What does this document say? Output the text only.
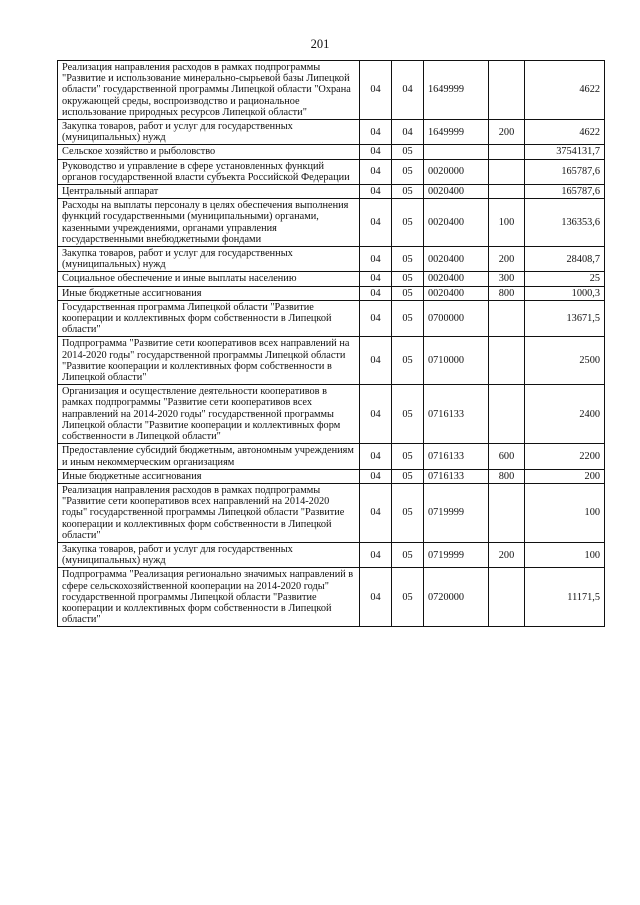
201
Реализация направления расходов в рамках подпрограммы "Развитие и использование минерально-сырьевой базы Липецкой области" государственной программы Липецкой области "Охрана окружающей среды, воспроизводство и рациональное использование природных ресурсов Липецкой области"	04	04	1649999		4622
Закупка товаров, работ и услуг для государственных (муниципальных) нужд	04	04	1649999	200	4622
Сельское хозяйство и рыболовство	04	05			3754131,7
Руководство и управление в сфере установленных функций органов государственной власти субъекта Российской Федерации	04	05	0020000		165787,6
Центральный аппарат	04	05	0020400		165787,6
Расходы на выплаты персоналу в целях обеспечения выполнения функций государственными (муниципальными) органами, казенными учреждениями, органами управления государственными внебюджетными фондами	04	05	0020400	100	136353,6
Закупка товаров, работ и услуг для государственных (муниципальных) нужд	04	05	0020400	200	28408,7
Социальное обеспечение и иные выплаты населению	04	05	0020400	300	25
Иные бюджетные ассигнования	04	05	0020400	800	1000,3
Государственная программа Липецкой области "Развитие кооперации и коллективных форм собственности в Липецкой области"	04	05	0700000		13671,5
Подпрограмма "Развитие сети кооперативов всех направлений на 2014-2020 годы" государственной программы Липецкой области "Развитие кооперации и коллективных форм собственности в Липецкой области"	04	05	0710000		2500
Организация и осуществление деятельности кооперативов в рамках подпрограммы "Развитие сети кооперативов всех направлений на 2014-2020 годы" государственной программы Липецкой области "Развитие кооперации и коллективных форм собственности в Липецкой области"	04	05	0716133		2400
Предоставление субсидий бюджетным, автономным учреждениям и иным некоммерческим организациям	04	05	0716133	600	2200
Иные бюджетные ассигнования	04	05	0716133	800	200
Реализация направления расходов в рамках подпрограммы "Развитие сети кооперативов всех направлений на 2014-2020 годы" государственной программы Липецкой области "Развитие кооперации и коллективных форм собственности в Липецкой области"	04	05	0719999		100
Закупка товаров, работ и услуг для государственных (муниципальных) нужд	04	05	0719999	200	100
Подпрограмма "Реализация регионально значимых направлений в сфере сельскохозяйственной кооперации на 2014-2020 годы" государственной программы Липецкой области "Развитие кооперации и коллективных форм собственности в Липецкой области"	04	05	0720000		11171,5
